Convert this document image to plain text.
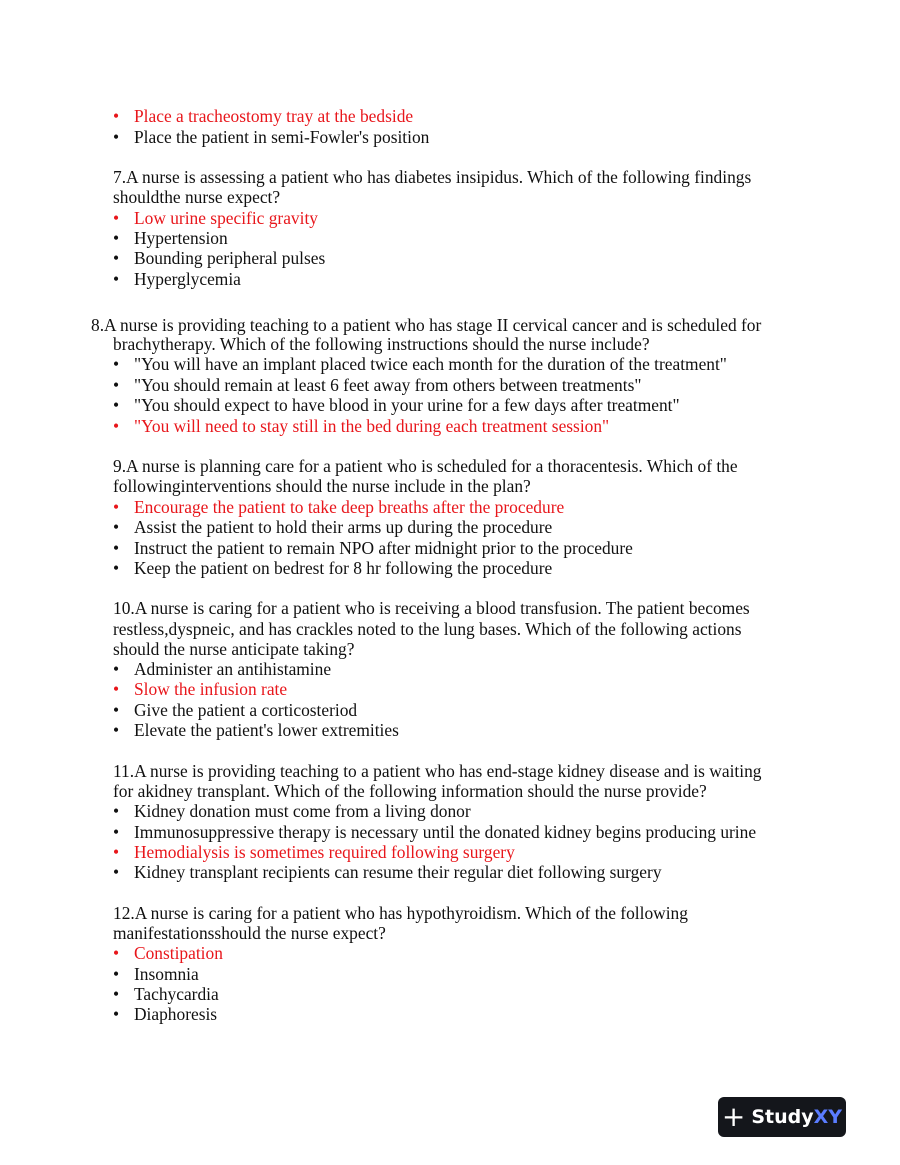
• Place a tracheostomy tray at the bedside
• Place the patient in semi-Fowler's position
7.A nurse is assessing a patient who has diabetes insipidus. Which of the following findings
shouldthe nurse expect?
• Low urine specific gravity
• Hypertension
• Bounding peripheral pulses
• Hyperglycemia
8.A nurse is providing teaching to a patient who has stage II cervical cancer and is scheduled for
brachytherapy. Which of the following instructions should the nurse include?
• "You will have an implant placed twice each month for the duration of the treatment"
• "You should remain at least 6 feet away from others between treatments"
• "You should expect to have blood in your urine for a few days after treatment"
• "You will need to stay still in the bed during each treatment session"
9.A nurse is planning care for a patient who is scheduled for a thoracentesis. Which of the
followinginterventions should the nurse include in the plan?
• Encourage the patient to take deep breaths after the procedure
• Assist the patient to hold their arms up during the procedure
• Instruct the patient to remain NPO after midnight prior to the procedure
• Keep the patient on bedrest for 8 hr following the procedure
10.A nurse is caring for a patient who is receiving a blood transfusion. The patient becomes
restless,dyspneic, and has crackles noted to the lung bases. Which of the following actions
should the nurse anticipate taking?
• Administer an antihistamine
• Slow the infusion rate
• Give the patient a corticosteriod
• Elevate the patient's lower extremities
11.A nurse is providing teaching to a patient who has end-stage kidney disease and is waiting
for akidney transplant. Which of the following information should the nurse provide?
• Kidney donation must come from a living donor
• Immunosuppressive therapy is necessary until the donated kidney begins producing urine
• Hemodialysis is sometimes required following surgery
• Kidney transplant recipients can resume their regular diet following surgery
12.A nurse is caring for a patient who has hypothyroidism. Which of the following
manifestationsshould the nurse expect?
• Constipation
• Insomnia
• Tachycardia
• Diaphoresis
+ Study XY
